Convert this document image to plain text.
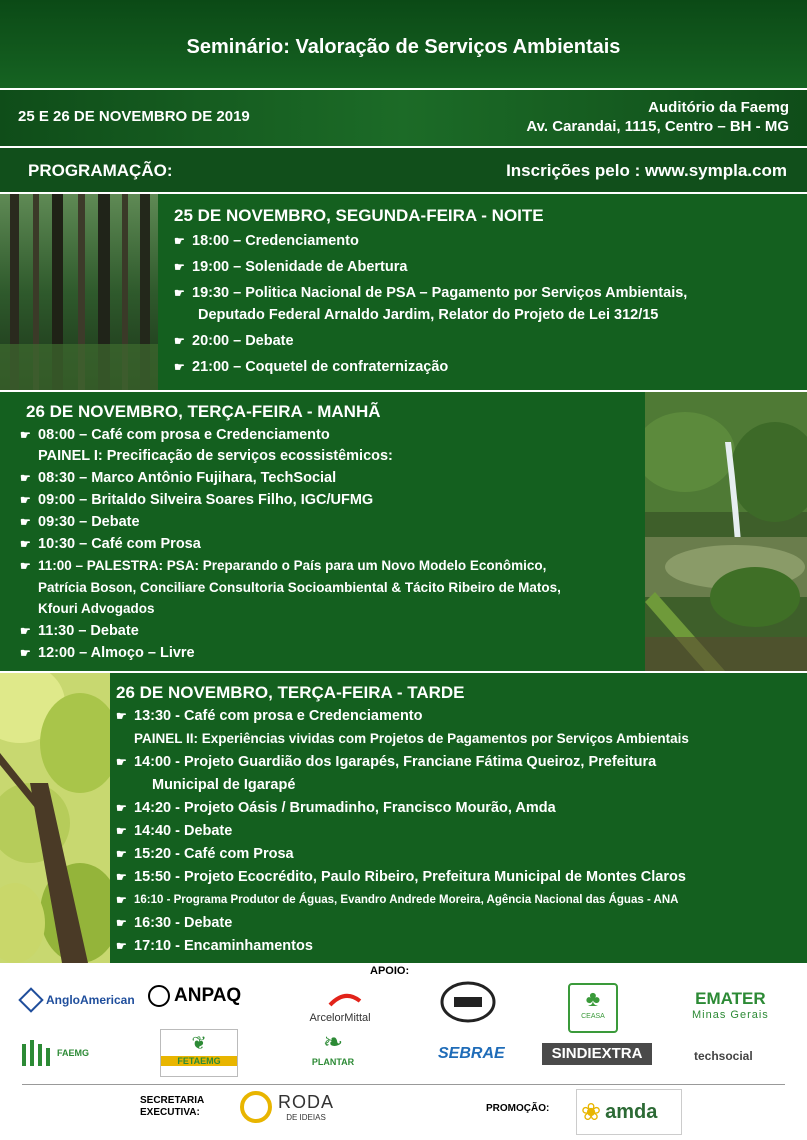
Seminário: Valoração de Serviços Ambientais
25 E 26 DE NOVEMBRO DE 2019
Auditório da Faemg
Av. Carandai, 1115, Centro – BH - MG
PROGRAMAÇÃO:	Inscrições pelo : www.sympla.com
25 DE NOVEMBRO, SEGUNDA-FEIRA - NOITE
☛ 18:00 – Credenciamento
☛ 19:00 – Solenidade de Abertura
☛ 19:30 – Politica Nacional de PSA – Pagamento por Serviços Ambientais,
Deputado Federal Arnaldo Jardim, Relator do Projeto de Lei 312/15
☛ 20:00 – Debate
☛ 21:00 – Coquetel de confraternização
26 DE NOVEMBRO, TERÇA-FEIRA - MANHÃ
☛ 08:00 – Café com prosa e Credenciamento
PAINEL I: Precificação de serviços ecossistêmicos:
☛ 08:30 – Marco Antônio Fujihara, TechSocial
☛ 09:00 – Britaldo Silveira Soares Filho, IGC/UFMG
☛ 09:30 – Debate
☛ 10:30 – Café com Prosa
☛ 11:00 – PALESTRA: PSA: Preparando o País para um Novo Modelo Econômico,
Patrícia Boson, Conciliare Consultoria Socioambiental & Tácito Ribeiro de Matos,
Kfouri Advogados
☛ 11:30 – Debate
☛ 12:00 – Almoço – Livre
26 DE NOVEMBRO, TERÇA-FEIRA - TARDE
☛ 13:30 - Café com prosa e Credenciamento
PAINEL II: Experiências vividas com Projetos de Pagamentos por Serviços Ambientais
☛ 14:00 - Projeto Guardião dos Igarapés, Franciane Fátima Queiroz, Prefeitura
Municipal de Igarapé
☛ 14:20 - Projeto Oásis / Brumadinho, Francisco Mourão, Amda
☛ 14:40 - Debate
☛ 15:20 - Café com Prosa
☛ 15:50 - Projeto Ecocrédito, Paulo Ribeiro, Prefeitura Municipal de Montes Claros
☛ 16:10 - Programa Produtor de Águas, Evandro Andrede Moreira, Agência Nacional das Águas - ANA
☛ 16:30 - Debate
☛ 17:10 - Encaminhamentos
APOIO:
AngloAmerican ANPAQ
ArcelorMittal
♣
CEASA
EMATER
Minas Gerais
FAEMG	❦
FETAEMG
❧
PLANTAR	SEBRAE	SINDIEXTRA	techsocial
SECRETARIA
EXECUTIVA:
RODA
DE IDEIAS
PROMOÇÃO: ❀ amda
